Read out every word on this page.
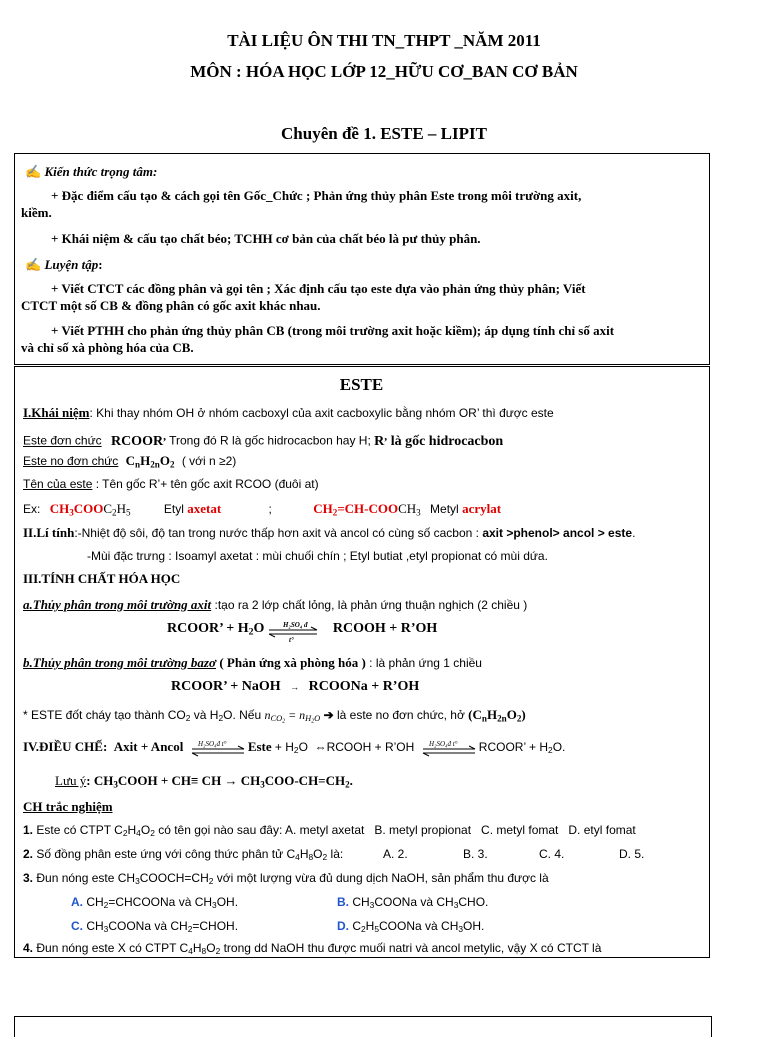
TÀI LIỆU ÔN THI TN_THPT _NĂM 2011
MÔN : HÓA HỌC LỚP 12_HỮU CƠ_BAN CƠ BẢN
Chuyên đề 1. ESTE – LIPIT
✍ Kiến thức trọng tâm:
+ Đặc điểm cấu tạo & cách gọi tên Gốc_Chức ; Phản ứng thủy phân Este trong môi trường axit,
kiềm.
+ Khái niệm & cấu tạo chất béo; TCHH cơ bản của chất béo là pư thủy phân.
✍ Luyện tập:
+ Viết CTCT các đồng phân và gọi tên ; Xác định cấu tạo este dựa vào phản ứng thủy phân; Viết
CTCT một số CB & đồng phân có gốc axit khác nhau.
+ Viết PTHH cho phản ứng thủy phân CB (trong môi trường axit hoặc kiềm); áp dụng tính chỉ số axit
và chỉ số xà phòng hóa của CB.
ESTE
I.Khái niệm: Khi thay nhóm OH ở nhóm cacboxyl của axit cacboxylic bằng nhóm OR’ thì được este
Este đơn chức RCOOR, Trong đó R là gốc hidrocacbon hay H; R, là gốc hidrocacbon
Este no đơn chức $C_nH_{2n}O_2$ ( với n ≥2)
Tên của este : Tên gốc R’+ tên gốc axit RCOO (đuôi at)
Ex: $CH_3COOC_2H_5$	Etyl axetat	;	$CH_2=CH-COOCH_3$ Metyl acrylat
II.Lí tính:-Nhiệt độ sôi, độ tan trong nước thấp hơn axit và ancol có cùng số cacbon : axit >phenol> ancol > este.
-Mùi đặc trưng : Isoamyl axetat : mùi chuối chín ; Etyl butiat ,etyl propionat có mùi dứa.
III.TÍNH CHẤT HÓA HỌC
a.Thủy phân trong môi trường axit :tạo ra 2 lớp chất lỏng, là phản ứng thuận nghịch (2 chiều )
RCOOR’ + $H_2O$	H₂SO₄ đ
t°
RCOOH + R’OH
b.Thủy phân trong môi trường bazơ ( Phản ứng xà phòng hóa ) : là phản ứng 1 chiều
RCOOR’ + NaOH → RCOONa + R’OH
* ESTE đốt cháy tạo thành $CO_2$ và $H_2O$. Nếu $n_{CO_2} = n_{H_2O}$ ➔ là este no đơn chức, hở $(C_nH_{2n}O_2)$
IV.ĐIỀU CHẾ: Axit + Ancol H₂SO₄đ t° Este + $H_2O$  ⇔RCOOH + R’OH H₂SO₄đ t° RCOOR’ + $H_2O$.
Lưu ý: $CH_3COOH + CH\equiv$ CH → $CH_3COO-CH=CH_2$.
CH trắc nghiệm
1. Este có CTPT $C_2H_4O_2$ có tên gọi nào sau đây: A. metyl axetat   B. metyl propionat   C. metyl fomat   D. etyl fomat
2. Số đồng phân este ứng với công thức phân tử $C_4H_8O_2$ là:	A. 2.	B. 3.	C. 4.	D. 5.
3. Đun nóng este $CH_3COOCH=CH_2$ với một lượng vừa đủ dung dịch NaOH, sản phẩm thu được là
A. $CH_2=CHCOONa$ và $CH_3OH$.	B. $CH_3COONa$ và $CH_3CHO$.
C. $CH_3COONa$ và $CH_2=CHOH$.	D. $C_2H_5COONa$ và $CH_3OH$.
4. Đun nóng este X có CTPT $C_4H_8O_2$ trong dd NaOH thu được muối natri và ancol metylic, vậy X có CTCT là
